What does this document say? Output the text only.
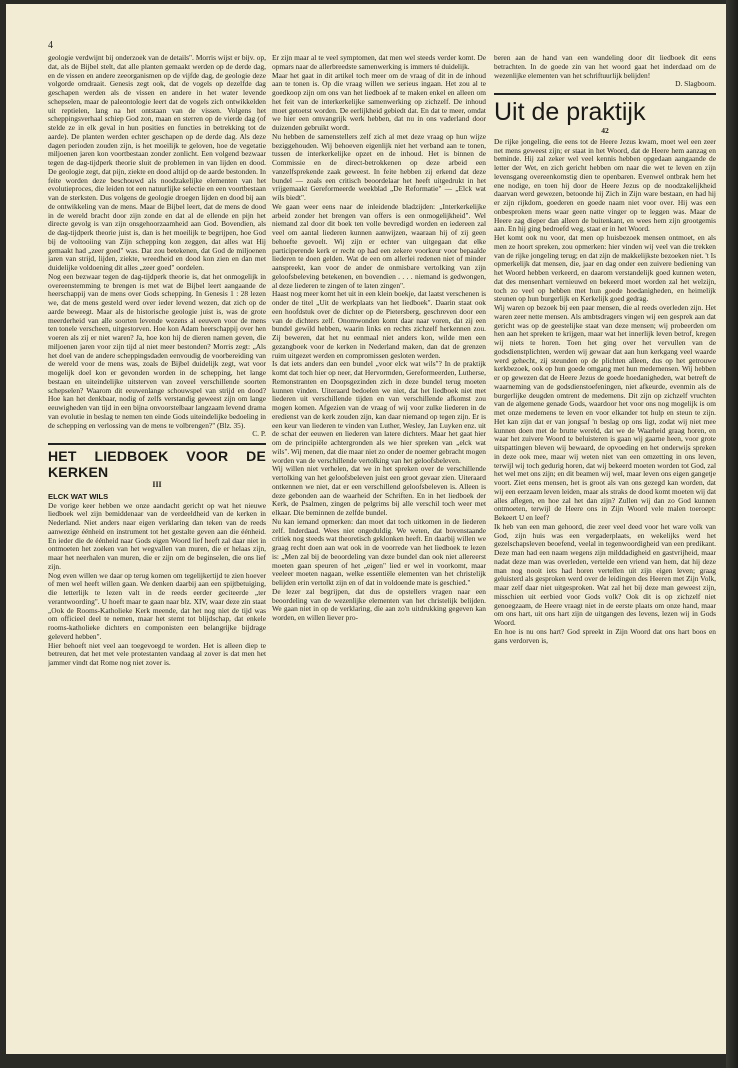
4

geologie verdwijnt bij onderzoek van de details". Morris wijst er bijv. op, dat, als de Bijbel stelt, dat alle planten gemaakt werden op de derde dag, en de vissen en andere zeeorganismen op de vijfde dag, de geologie deze volgorde omdraait. Genesis zegt ook, dat de vogels op dezelfde dag geschapen werden als de vissen en andere in het water levende schepselen, maar de paleontologie leert dat de vogels zich ontwikkelden uit reptielen, lang na het ontstaan van de vissen. Volgens het scheppingsverhaal schiep God zon, maan en sterren op de vierde dag (of stelde ze in elk geval in hun posities en functies in betrekking tot de aarde). De planten werden echter geschapen op de derde dag. Als deze dagen perioden zouden zijn, is het moeilijk te geloven, hoe de vegetatie miljoenen jaren kon voortbestaan zonder zonlicht. Een volgend bezwaar tegen de dag-tijdperk theorie sluit de problemen in van lijden en dood. De geologie zegt, dat pijn, ziekte en dood altijd op de aarde bestonden. In feite worden deze beschouwd als noodzakelijke elementen van het evolutieproces, die leiden tot een natuurlijke selectie en een voortbestaan van de sterksten. Dus volgens de geologie droegen lijden en dood bij aan de ontwikkeling van de mens. Maar de Bijbel leert, dat de mens de dood in de wereld bracht door zijn zonde en dat al de ellende en pijn het directe gevolg is van zijn onsgehoorzaamheid aan God. Bovendien, als de dag-tijdperk theorie juist is, dan is het moeilijk te begrijpen, hoe God bij de voltooiing van Zijn schepping kon zeggen, dat alles wat Hij gemaakt had „zeer goed" was. Dat zou betekenen, dat God de miljoenen jaren van strijd, lijden, ziekte, wreedheid en dood kon zien en dan met duidelijke voldoening dit alles „zeer goed" oordelen.

Nog een bezwaar tegen de dag-tijdperk theorie is, dat het onmogelijk in overeenstemming te brengen is met wat de Bijbel leert aangaande de heerschappij van de mens over Gods schepping. In Genesis 1 : 28 lezen we, dat de mens gesteld werd over ieder levend wezen, dat zich op de aarde beweegt. Maar als de historische geologie juist is, was de grote meerderheid van alle soorten levende wezens al eeuwen voor de mens ten tonele verscheen, uitgestorven. Hoe kon Adam heerschappij over hen voeren als zij er niet waren? Ja, hoe kon hij de dieren namen geven, die miljoenen jaren voor zijn tijd al niet meer bestonden? Morris zegt: „Als het doel van de andere scheppingsdaden eenvoudig de voorbereiding van de wereld voor de mens was, zoals de Bijbel duidelijk zegt, wat voor mogelijk doel kon er gevonden worden in de schepping, het lange bestaan en uiteindelijke uitsterven van zoveel verschillende soorten schepselen? Waarom dit eeuwenlange schouwspel van strijd en dood? Hoe kan het denkbaar, nodig of zelfs verstandig geweest zijn om lange eeuwigheden van tijd in een bijna onvoorstelbaar langzaam levend drama van evolutie in beslag te nemen ten einde Gods uiteindelijke bedoeling in de schepping en verlossing van de mens te volbrengen?" (Blz. 35).

C. P.

HET LIEDBOEK VOOR DE KERKEN
III

ELCK WAT WILS

De vorige keer hebben we onze aandacht gericht op wat het nieuwe liedboek wel zijn bemiddenaar van de verdeeldheid van de kerken in Nederland. Niet anders naar eigen verklaring dan teken van de reeds aanwezige éénheid en instrument tot het gestalte geven aan die éénheid. En ieder die de éénheid naar Gods eigen Woord lief heeft zal daar niet in ontmoeten het zoeken van het wegvallen van muren, die er helaas zijn, maar het neerhalen van muren, die er zijn om de beginselen, die ons lief zijn.

Nog even willen we daar op terug komen om tegelijkertijd te zien hoever of men wel heeft willen gaan. We denken daarbij aan een spijtbetuiging, die letterlijk te lezen valt in de reeds eerder geciteerde „ter verantwoording". U hoeft maar te gaan naar blz. XIV, waar deze zin staat „Ook de Rooms-Katholieke Kerk meende, dat het nog niet de tijd was om officieel deel te nemen, maar het stemt tot blijdschap, dat enkele rooms-katholieke dichters en componisten een belangrijke bijdrage geleverd hebben".

Hier behoeft niet veel aan toegevoegd te worden. Het is alleen diep te betreuren, dat het met vele protestanten vandaag al zover is dat men het jammer vindt dat Rome nog niet zover is.

Er zijn maar al te veel symptomen, dat men wel steeds verder komt. De opmars naar de allerbreedste samenwerking is immers té duidelijk.

Maar het gaat in dit artikel toch meer om de vraag of dit in de inhoud aan te tonen is. Op die vraag willen we serieus ingaan. Het zou al te goedkoop zijn om ons van het liedboek af te maken enkel en alleen om het feit van de interkerkelijke samenwerking op zichzelf. De inhoud moet getoetst worden. De eerlijkheid gebiedt dat. En dat te meer, omdat we hier een omvangrijk werk hebben, dat nu in ons vaderland door duizenden gebruikt wordt.

Nu hebben de samenstellers zelf zich al met deze vraag op hun wijze beziggehouden. Wij behoeven eigenlijk niet het verband aan te tonen, tussen de interkerkelijke opzet en de inhoud. Het is binnen de Commissie en de direct-betrokkenen op deze arbeid een vanzelfsprekende zaak geweest. In feite hebben zij erkend dat deze bundel — zoals een critisch beoordelaar het heeft uitgedrukt in het vrijgemaakt Gereformeerde weekblad „De Reformatie" — „Elck wat wils biedt".

We gaan weer eens naar de inleidende bladzijden: „Interkerkelijke arbeid zonder het brengen van offers is een onmogelijkheid". Wel niemand zal door dit boek ten volle bevredigd worden en iedereen zal veel om aantal liederen kunnen aanwijzen, waaraan hij of zij geen behoefte gevoelt. Wij zijn er echter van uitgegaan dat elke participerende kerk er recht op had een zekere voorkeur voor bepaalde liederen te doen gelden. Wat de een om allerlei redenen niet of minder aanspreekt, kan voor de ander de onmisbare vertolking van zijn geloofsbeleving betekenen, en bovendien . . . . niemand is gedwongen, al deze liederen te zingen of te laten zingen".

Haast nog meer komt het uit in een klein boekje, dat laatst verschenen is onder de titel „Uit de werkplaats van het liedboek". Daarin staat ook een hoofdstuk over de dichter op de Pietersberg, geschreven door een van de dichters zelf. Onomwonden komt daar naar voren, dat zij een bundel gewild hebben, waarin links en rechts zichzelf herkennen zou. Zij beweren, dat het nu eenmaal niet anders kon, wilde men een gezangboek voor de kerken in Nederland maken, dan dat de grenzen ruim uitgezet werden en compromissen gesloten werden.

Is dat iets anders dan een bundel „voor elck wat wils"? In de praktijk komt dat toch hier op neer, dat Hervormden, Gereformeerden, Lutherse, Remonstranten en Doopsgezinden zich in deze bundel terug moeten kunnen vinden. Uiteraard bedoelen we niet, dat het liedboek niet met liederen uit verschillende tijden en van verschillende afkomst zou mogen komen. Afgezien van de vraag of wij voor zulke liederen in de eredienst van de kerk zouden zijn, kan daar niemand op tegen zijn. Er is een keur van liederen te vinden van Luther, Wesley, Jan Luyken enz. uit de schat der eeuwen en liederen van latere dichters. Maar het gaat hier om de principiële achtergronden als we hier spreken van „elck wat wils". Wij menen, dat die maar niet zo onder de noemer gebracht mogen worden van de verschillende vertolking van het geloofsbeleven.

Wij willen niet verhelen, dat we in het spreken over de verschillende vertolking van het geloofsbeleven juist een groot gevaar zien. Uiteraard ontkennen we niet, dat er een verschillend geloofsbeleven is. Alleen is deze gebonden aan de waarheid der Schriften. En in het liedboek der Kerk, de Psalmen, zingen de pelgrims bij alle verschil toch weer met elkaar. Die beminnen de zelfde bundel.

Nu kan iemand opmerken: dan moet dat toch uitkomen in de liederen zelf. Inderdaad. Wees niet ongeduldig. We weten, dat bovenstaande critiek nog steeds wat theoretisch geklonken heeft. En daarbij willen we graag recht doen aan wat ook in de voorrede van het liedboek te lezen is: „Men zal bij de beoordeling van deze bundel dan ook niet allereerst moeten gaan speuren of het „eigen" lied er wel in voorkomt, maar veeleer moeten nagaan, welke essentiële elementen van het christelijk belijden erin vertolkt zijn en of dat in voldoende mate is geschied."

De lezer zal begrijpen, dat dus de opstellers vragen naar een beoordeling van de wezenlijke elementen van het christelijk belijden. We gaan niet in op de verklaring, die aan zo'n uitdrukking gegeven kan worden, en willen liever pro-

beren aan de hand van een wandeling door dit liedboek dit eens betrachten. In de goede zin van het woord gaat het inderdaad om de wezenlijke elementen van het schriftuurlijk belijden!

D. Slagboom.

Uit de praktijk
42

De rijke jongeling, die eens tot de Heere Jezus kwam, moet wel een zeer net mens geweest zijn; er staat in het Woord, dat de Heere hem aanzag en beminde. Hij zal zeker wel veel kennis hebben opgedaan aangaande de letter der Wet, en zich gericht hebben om naar die wet te leven en zijn levensgang overeenkomstig dien te openbaren. Evenwel ontbrak hem het ene nodige, en toen hij door de Heere Jezus op de noodzakelijkheid daarvan werd gewezen, betoonde hij Zich in Zijn ware bestaan, en had hij er zijn rijkdom, goederen en goede naam niet voor over. Hij was een onbesproken mens waar geen natte vinger op te leggen was. Maar de Heere zag dieper dan alleen de buitenkant, en wees hem zijn grootgemis aan. En hij ging bedroefd weg, staat er in het Woord.

Het komt ook nu voor, dat men op huisbezoek mensen ontmoet, en als men ze hoort spreken, zou opmerken: hier vinden wij veel van die trekken van de rijke jongeling terug; en dat zijn de makkelijkste bezoeken niet. 't Is opmerkelijk dat mensen, die, jaar en dag onder een zuivere bediening van het Woord hebben verkeerd, en daarom verstandelijk goed kunnen weten, dat des mensenhart vernieuwd en bekeerd moet worden zal het welzijn, toch zo veel op hebben met hun goede hoedanigheden, en heimelijk steunen op hun burgerlijk en Kerkelijk goed gedrag.

Wij waren op bezoek bij een paar mensen, die al reeds overleden zijn. Het waren zeer nette mensen. Als ambtsdragers vingen wij een gesprek aan dat gericht was op de geestelijke staat van deze mensen; wij probeerden om hen aan het spreken te krijgen, maar wat het innerlijk leven betrof, kregen wij niets te horen. Toen het ging over het vervullen van de godsdienstplichten, werden wij gewaar dat aan hun kerkgang veel waarde werd gehecht, zij steunden op de plichten alleen, dus op het getrouwe kerkbezoek, ook op hun goede omgang met hun medemensen. Wij hebben er op gewezen dat de Heere Jezus de goede hoedanigheden, wat betreft de waarneming van de godsdienstoefeningen, niet afkeurde, evenmin als de burgerlijke deugden omtrent de medemens. Dit zijn op zichzelf vruchten van de algemene genade Gods, waardoor het voor ons nog mogelijk is om met onze medemens te leven en voor elkander tot hulp en steun te zijn. Het kan zijn dat er van jongsaf 'n beslag op ons ligt, zodat wij niet mee kunnen doen met de brutte wereld, dat we de Waarheid graag horen, en waar het zuivere Woord te beluisteren is gaan wij gaarne heen, voor grote uitspattingen bleven wij bewaard, de opvoeding en het onderwijs spreken in deze ook mee, maar wij weten niet van een omzetting in ons leven, terwijl wij toch gedurig horen, dat wij bekeerd moeten worden tot God, zal het wel met ons zijn; en dit beamen wij wel, maar leven ons eigen gangetje voort. Ziet eens mensen, het is groot als van ons gezegd kan worden, dat wij een eerzaam leven leiden, maar als straks de dood komt moeten wij dat alles aflegen, en hoe zal het dan zijn? Zullen wij dan zo God kunnen ontmoeten, terwijl de Heere ons in Zijn Woord vele malen toeroept: Bekeert U en leef?

Ik heb van een man gehoord, die zeer veel deed voor het ware volk van God, zijn huis was een vergaderplaats, en wekelijks werd het gezelschapsleven beoefend, veelal in tegenwoordigheid van een predikant. Deze man had een naam wegens zijn milddadigheid en gastvrijheid, maar nadat deze man was overleden, vertelde een vriend van hem, dat hij deze man nog nooit iets had horen vertellen uit zijn eigen leven; graag geluisterd als gesproken werd over de leidingen des Heeren met Zijn Volk, maar zelf daar niet uitgesproken. Wat zal het bij deze man geweest zijn, misschien uit eerbied voor Gods volk? Ook dit is op zichzelf niet genoegzaam, de Heere vraagt niet in de eerste plaats om onze hand, maar om ons hart, uit ons hart zijn de uitgangen des levens, lezen wij in Gods Woord.

En hoe is nu ons hart? God spreekt in Zijn Woord dat ons hart boos en gans verdorven is,
